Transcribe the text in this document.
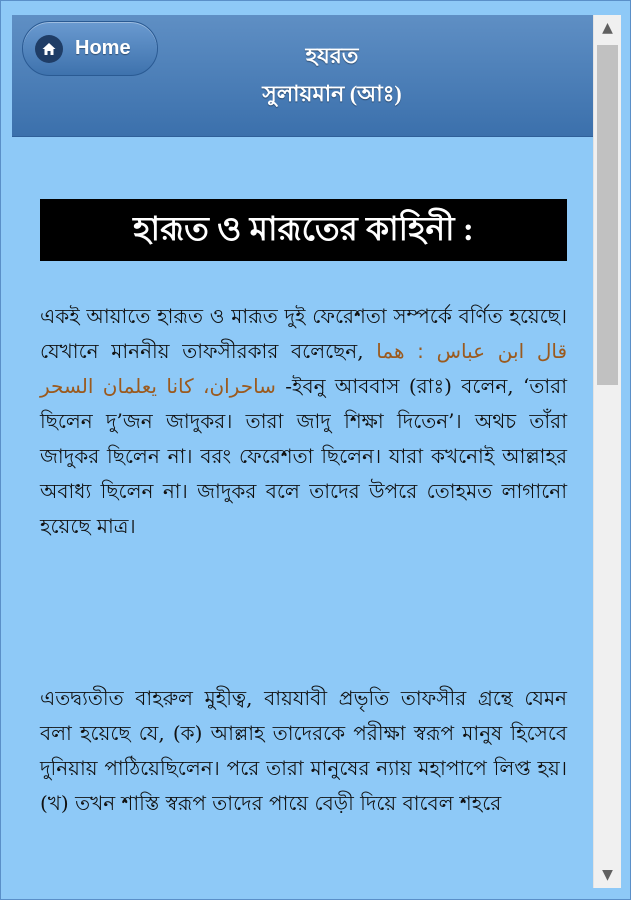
Home	হযরত
সুলায়মান (আঃ)
হারূত ও মারূতের কাহিনী :
একই আয়াতে হারূত ও মারূত দুই ফেরেশতা সম্পর্কে বর্ণিত হয়েছে। যেখানে মাননীয় তাফসীরকার বলেছেন, قال ابن عباس : هما ساحران، كانا يعلمان السحر -ইবনু আববাস (রাঃ) বলেন, ‘তারা ছিলেন দু’জন জাদুকর। তারা জাদু শিক্ষা দিতেন’। অথচ তাঁরা জাদুকর ছিলেন না। বরং ফেরেশতা ছিলেন। যারা কখনোই আল্লাহর অবাধ্য ছিলেন না। জাদুকর বলে তাদের উপরে তোহমত লাগানো হয়েছে মাত্র।
এতদ্ব্যতীত বাহরুল মুহীত্ব, বায়যাবী প্রভৃতি তাফসীর গ্রন্থে যেমন বলা হয়েছে যে, (ক) আল্লাহ তাদেরকে পরীক্ষা স্বরূপ মানুষ হিসেবে দুনিয়ায় পাঠিয়েছিলেন। পরে তারা মানুষের ন্যায় মহাপাপে লিপ্ত হয়। (খ) তখন শাস্তি স্বরূপ তাদের পায়ে বেড়ী দিয়ে বাবেল শহরে
▲
▼
